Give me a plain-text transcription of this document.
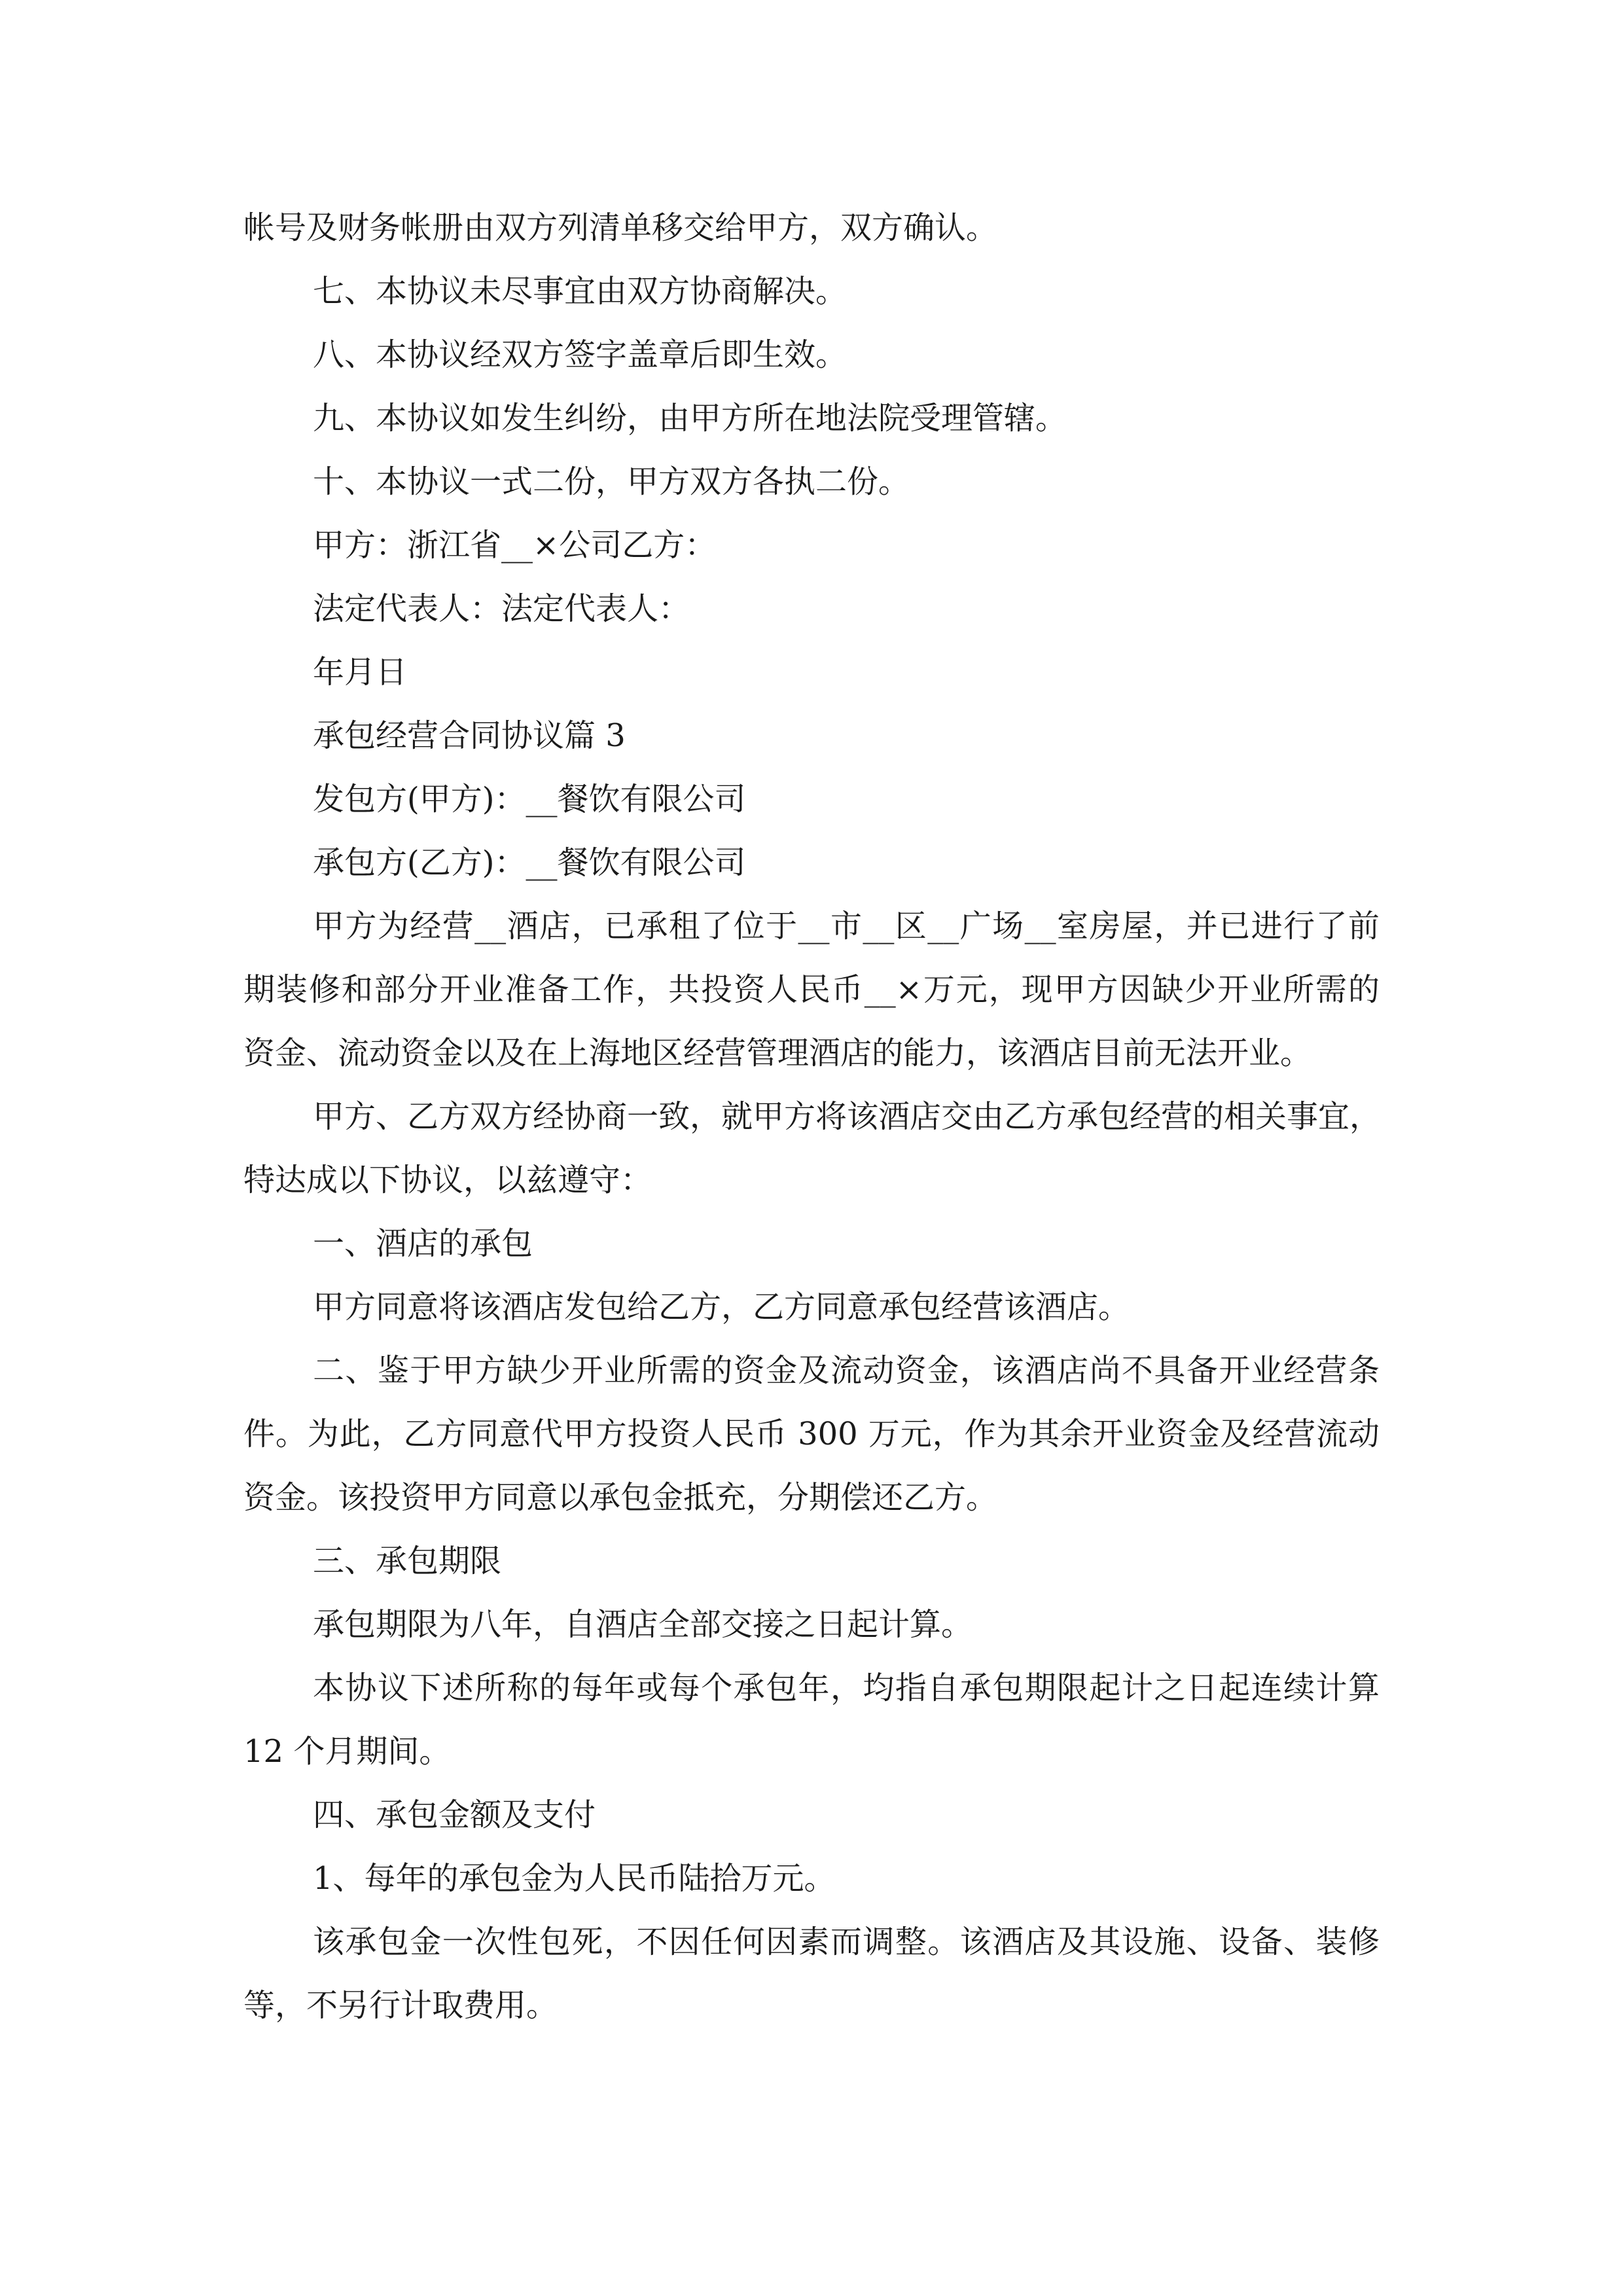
帐号及财务帐册由双方列清单移交给甲方，双方确认。
七、本协议未尽事宜由双方协商解决。
八、本协议经双方签字盖章后即生效。
九、本协议如发生纠纷，由甲方所在地法院受理管辖。
十、本协议一式二份，甲方双方各执二份。
甲方：浙江省__×公司乙方：
法定代表人：法定代表人：
年月日
承包经营合同协议篇 3
发包方(甲方)：__餐饮有限公司
承包方(乙方)：__餐饮有限公司
甲方为经营__酒店，已承租了位于__市__区__广场__室房屋，并已进行了前
期装修和部分开业准备工作，共投资人民币__×万元，现甲方因缺少开业所需的
资金、流动资金以及在上海地区经营管理酒店的能力，该酒店目前无法开业。
甲方、乙方双方经协商一致，就甲方将该酒店交由乙方承包经营的相关事宜，
特达成以下协议，以兹遵守：
一、酒店的承包
甲方同意将该酒店发包给乙方，乙方同意承包经营该酒店。
二、鉴于甲方缺少开业所需的资金及流动资金，该酒店尚不具备开业经营条
件。为此，乙方同意代甲方投资人民币 300 万元，作为其余开业资金及经营流动
资金。该投资甲方同意以承包金抵充，分期偿还乙方。
三、承包期限
承包期限为八年，自酒店全部交接之日起计算。
本协议下述所称的每年或每个承包年，均指自承包期限起计之日起连续计算
12 个月期间。
四、承包金额及支付
1、每年的承包金为人民币陆拾万元。
该承包金一次性包死，不因任何因素而调整。该酒店及其设施、设备、装修
等，不另行计取费用。
